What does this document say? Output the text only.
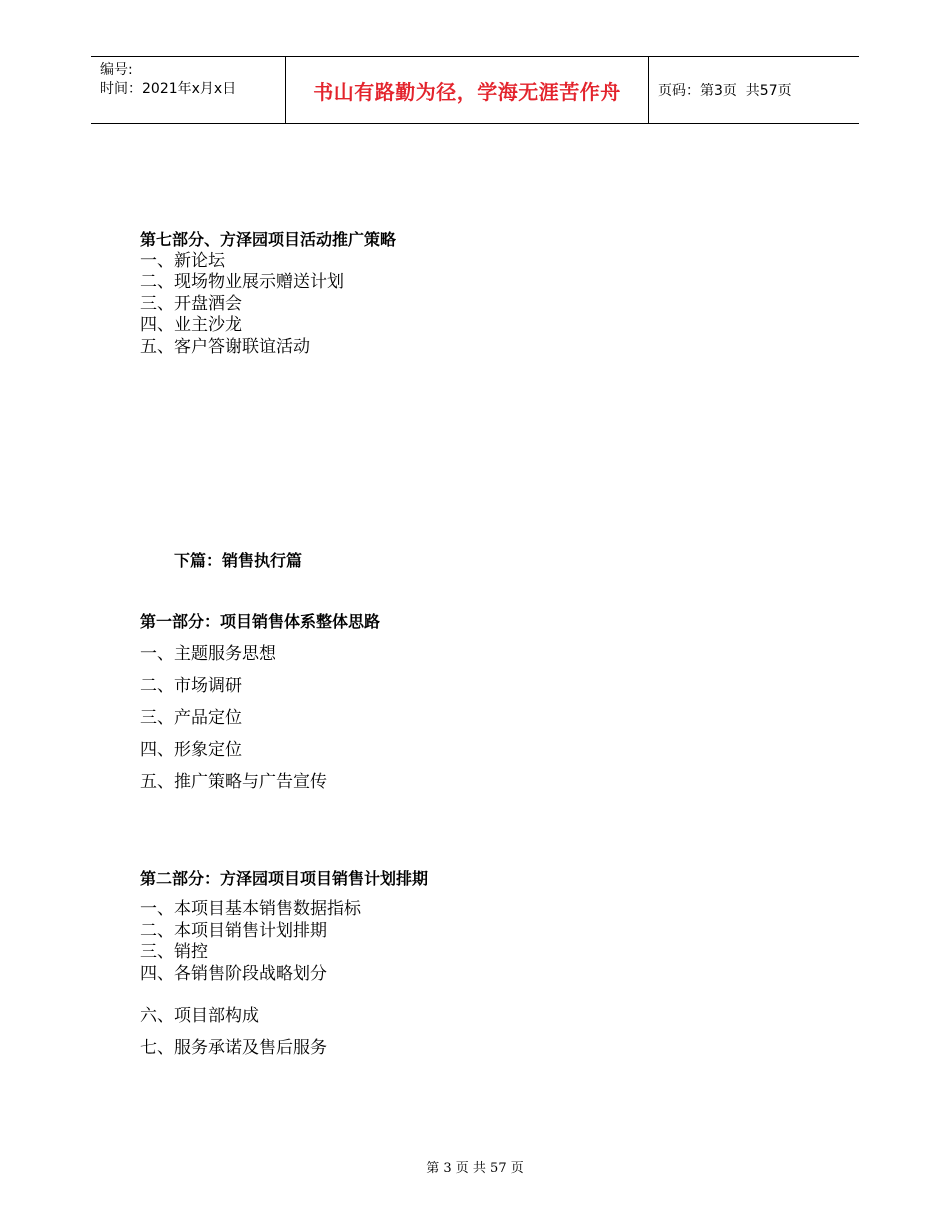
编号:
时间：2021年x月x日	书山有路勤为径，学海无涯苦作舟	页码：第3页  共57页
第七部分、方泽园项目活动推广策略
一、新论坛
二、现场物业展示赠送计划
三、开盘酒会
四、业主沙龙
五、客户答谢联谊活动
下篇：销售执行篇
第一部分：项目销售体系整体思路
一、主题服务思想
二、市场调研
三、产品定位
四、形象定位
五、推广策略与广告宣传
第二部分：方泽园项目项目销售计划排期
一、本项目基本销售数据指标
二、本项目销售计划排期
三、销控
四、各销售阶段战略划分
六、项目部构成
七、服务承诺及售后服务
第 3 页 共 57 页
